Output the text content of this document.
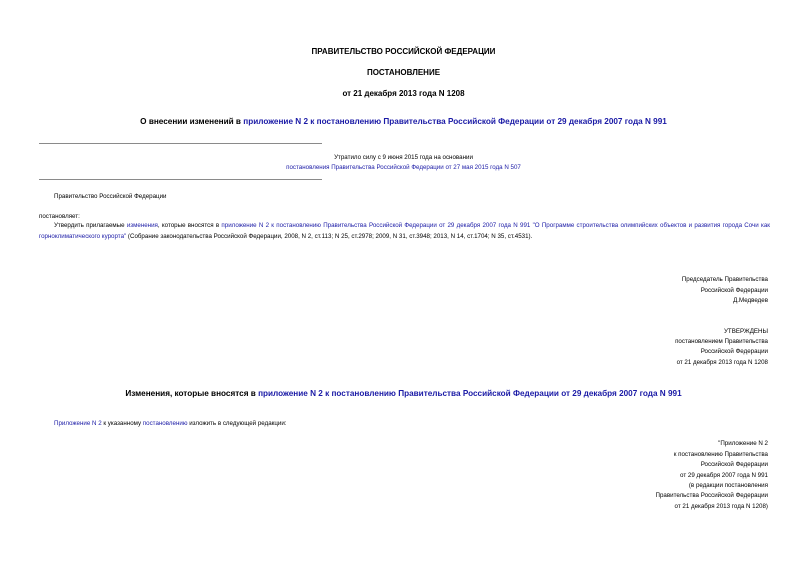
ПРАВИТЕЛЬСТВО РОССИЙСКОЙ ФЕДЕРАЦИИ
ПОСТАНОВЛЕНИЕ
от 21 декабря 2013 года N 1208
О внесении изменений в приложение N 2 к постановлению Правительства Российской Федерации от 29 декабря 2007 года N 991
Утратило силу с 9 июня 2015 года на основании
постановления Правительства Российской Федерации от 27 мая 2015 года N 507
Правительство Российской Федерации
постановляет:
Утвердить прилагаемые изменения, которые вносятся в приложение N 2 к постановлению Правительства Российской Федерации от 29 декабря 2007 года N 991 "О Программе строительства олимпийских объектов и развития города Сочи как горноклиматического курорта" (Собрание законодательства Российской Федерации, 2008, N 2, ст.113; N 25, ст.2978; 2009, N 31, ст.3948; 2013, N 14, ст.1704; N 35, ст.4531).
Председатель Правительства
Российской Федерации
Д.Медведев
УТВЕРЖДЕНЫ
постановлением Правительства
Российской Федерации
от 21 декабря 2013 года N 1208
Изменения, которые вносятся в приложение N 2 к постановлению Правительства Российской Федерации от 29 декабря 2007 года N 991
Приложение N 2 к указанному постановлению изложить в следующей редакции:
"Приложение N 2
к постановлению Правительства
Российской Федерации
от 29 декабря 2007 года N 991
(в редакции постановления
Правительства Российской Федерации
от 21 декабря 2013 года N 1208)
